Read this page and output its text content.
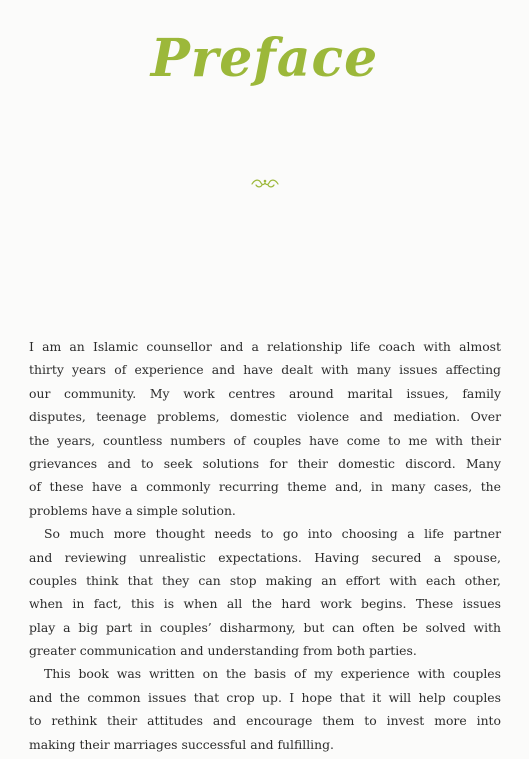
Preface
I am an Islamic counsellor and a relationship life coach with almost
thirty years of experience and have dealt with many issues affecting
our community. My work centres around marital issues, family
disputes, teenage problems, domestic violence and mediation. Over
the years, countless numbers of couples have come to me with their
grievances and to seek solutions for their domestic discord. Many
of these have a commonly recurring theme and, in many cases, the
problems have a simple solution.
So much more thought needs to go into choosing a life partner
and reviewing unrealistic expectations. Having secured a spouse,
couples think that they can stop making an effort with each other,
when in fact, this is when all the hard work begins. These issues
play a big part in couples’ disharmony, but can often be solved with
greater communication and understanding from both parties.
This book was written on the basis of my experience with couples
and the common issues that crop up. I hope that it will help couples
to rethink their attitudes and encourage them to invest more into
making their marriages successful and fulfilling.
